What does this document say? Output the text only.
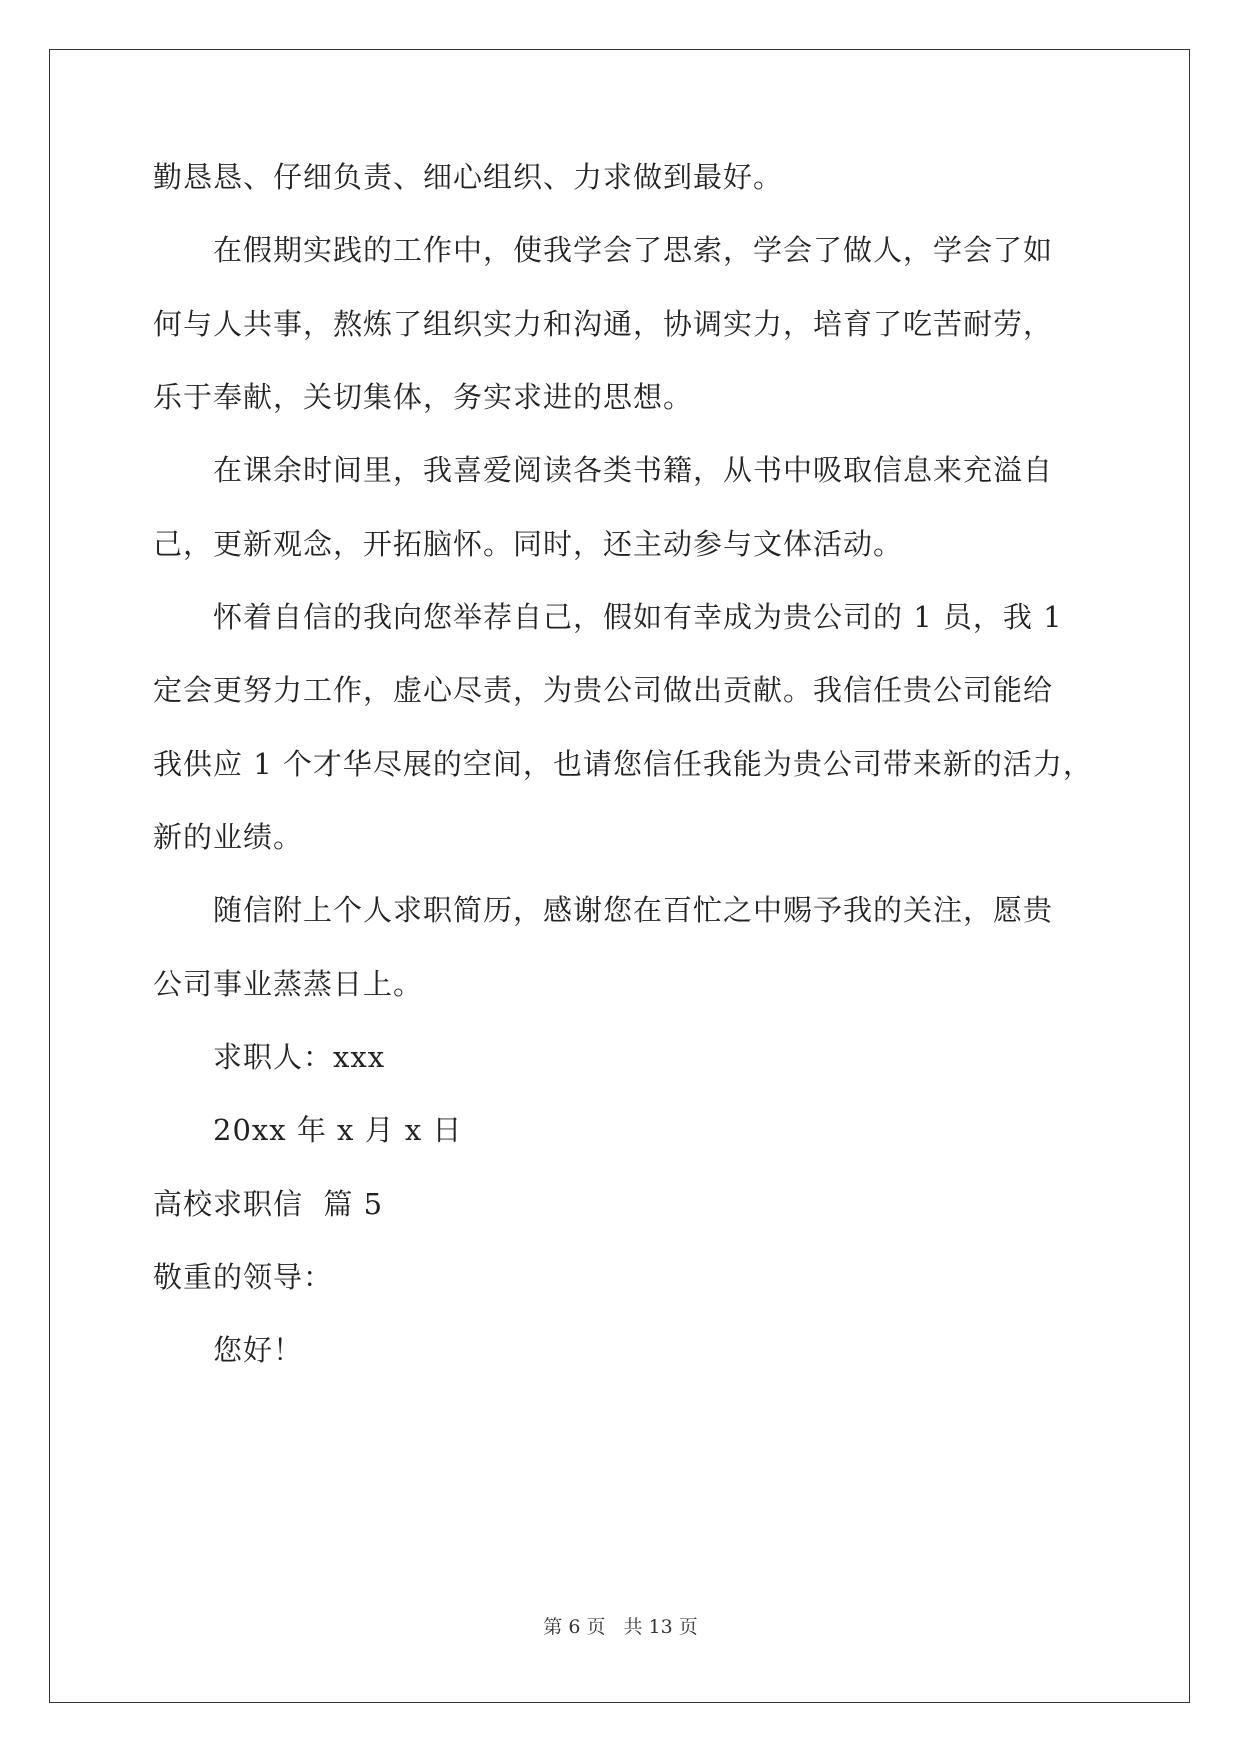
勤恳恳、仔细负责、细心组织、力求做到最好。
在假期实践的工作中，使我学会了思索，学会了做人，学会了如
何与人共事，熬炼了组织实力和沟通，协调实力，培育了吃苦耐劳，
乐于奉献，关切集体，务实求进的思想。
在课余时间里，我喜爱阅读各类书籍，从书中吸取信息来充溢自
己，更新观念，开拓脑怀。同时，还主动参与文体活动。
怀着自信的我向您举荐自己，假如有幸成为贵公司的 1 员，我 1
定会更努力工作，虚心尽责，为贵公司做出贡献。我信任贵公司能给
我供应 1 个才华尽展的空间，也请您信任我能为贵公司带来新的活力，
新的业绩。
随信附上个人求职简历，感谢您在百忙之中赐予我的关注，愿贵
公司事业蒸蒸日上。
求职人：xxx
20xx 年 x 月 x 日
高校求职信  篇 5
敬重的领导：
您好！
第 6 页 共 13 页
